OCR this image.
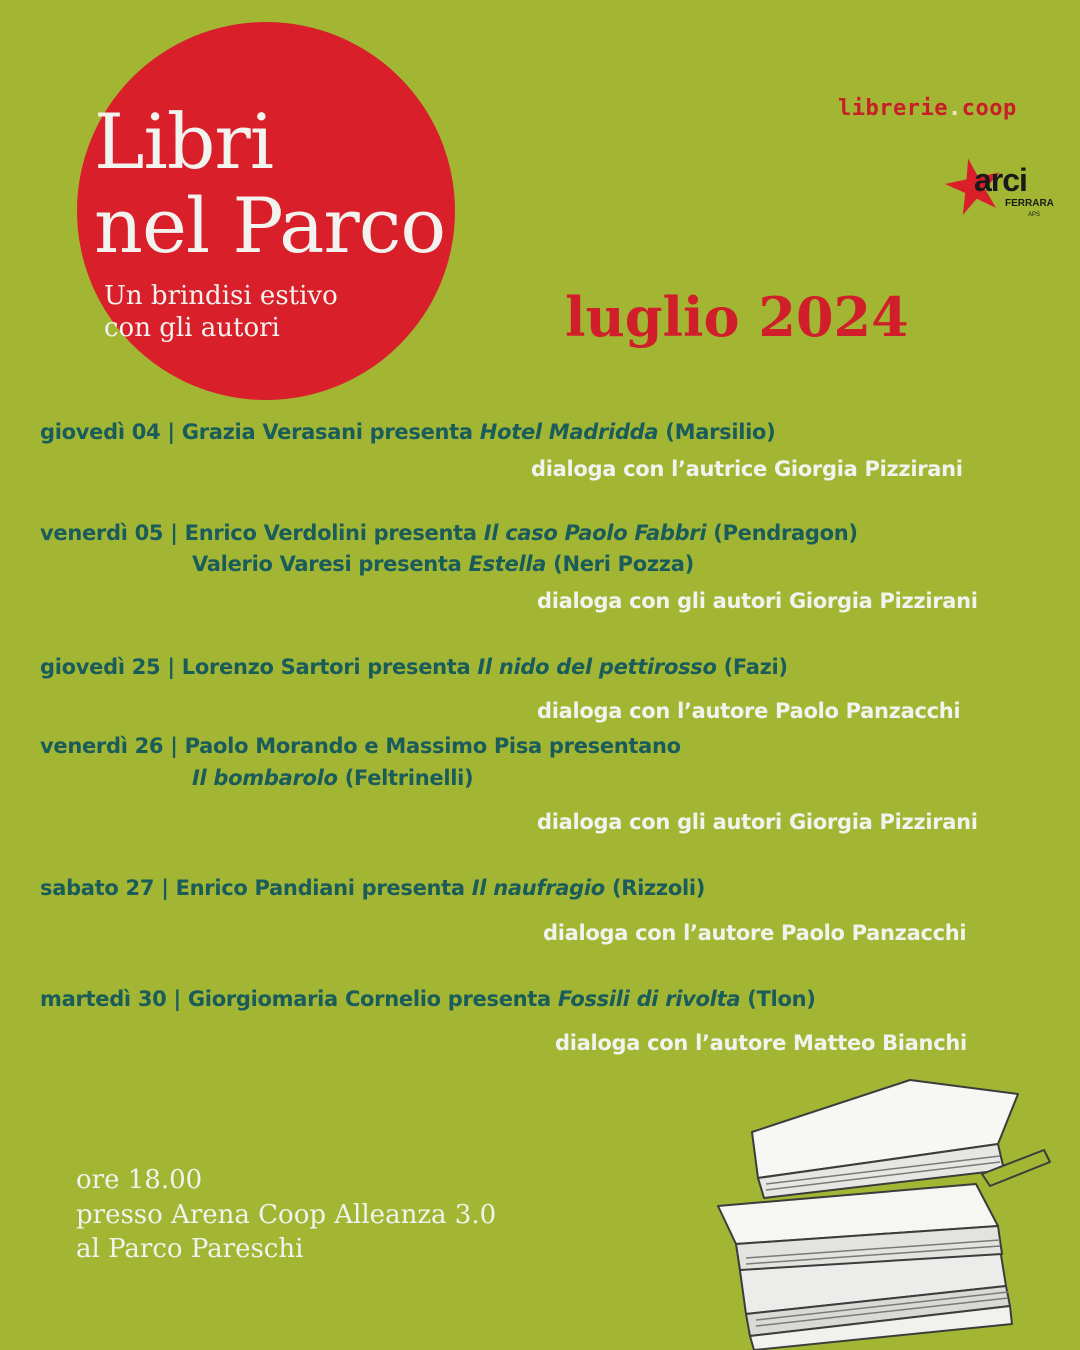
Libri
nel Parco
Un brindisi estivo
con gli autori	luglio 2024
librerie.coop
arci
FERRARA
APS
giovedì 04 | Grazia Verasani presenta Hotel Madridda (Marsilio)
dialoga con l’autrice Giorgia Pizzirani
venerdì 05 | Enrico Verdolini presenta Il caso Paolo Fabbri (Pendragon)
Valerio Varesi presenta Estella (Neri Pozza)
dialoga con gli autori Giorgia Pizzirani
giovedì 25 | Lorenzo Sartori presenta Il nido del pettirosso (Fazi)
dialoga con l’autore Paolo Panzacchi
venerdì 26 | Paolo Morando e Massimo Pisa presentano
Il bombarolo (Feltrinelli)
dialoga con gli autori Giorgia Pizzirani
sabato 27 | Enrico Pandiani presenta Il naufragio (Rizzoli)
dialoga con l’autore Paolo Panzacchi
martedì 30 | Giorgiomaria Cornelio presenta Fossili di rivolta (Tlon)
dialoga con l’autore Matteo Bianchi
ore 18.00
presso Arena Coop Alleanza 3.0
al Parco Pareschi
